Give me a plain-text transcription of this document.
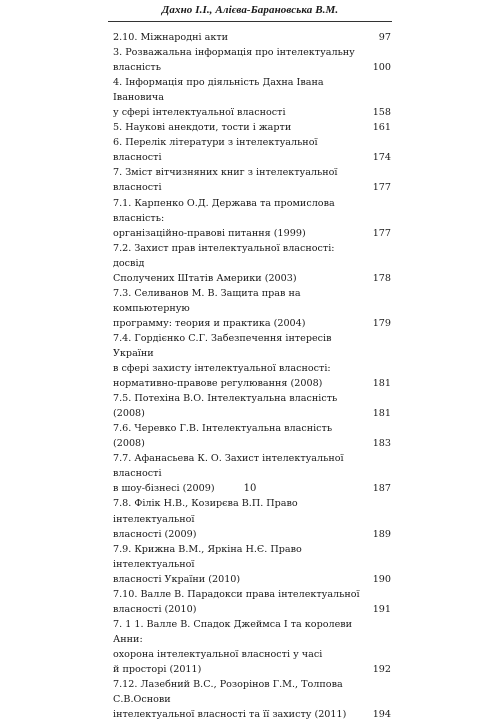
Дахно І.І., Алієва-Барановська В.М.
2.10. Міжнародні акти	97
3. Розважальна інформація про інтелектуальну
власність	100
4. Інформація про діяльність Дахна Івана Івановича
у сфері інтелектуальної власності	158
5. Наукові анекдоти, тости і жарти	161
6. Перелік літератури з інтелектуальної власності	174
7. Зміст вітчизняних книг з інтелектуальної
власності	177
7.1. Карпенко О.Д. Держава та промислова власність:
організаційно-правові питання (1999)	177
7.2. Захист прав інтелектуальної власності: досвід
Сполучених Штатів Америки (2003)	178
7.3. Селиванов М. В. Защита прав на компьютерную
программу: теория и практика (2004)	179
7.4. Гордієнко С.Г. Забезпечення інтересів України
в сфері захисту інтелектуальної власності:
нормативно-правове регулювання (2008)	181
7.5. Потехіна В.О. Інтелектуальна власність
(2008)	181
7.6. Черевко Г.В. Інтелектуальна власність (2008)	183
7.7. Афанасьева К. О. Захист інтелектуальної власності
в шоу-бізнесі (2009)	187
7.8. Філік Н.В., Козирєва В.П. Право інтелектуальної
власності (2009)	189
7.9. Крижна В.М., Яркіна Н.Є. Право інтелектуальної
власності України (2010)	190
7.10. Валле В. Парадокси права інтелектуальної
власності (2010)	191
7. 1 1. Валле В. Спадок Джеймса І та королеви Анни:
охорона інтелектуальної власності у часі
й просторі (2011)	192
7.12. Лазебний В.С., Розорінов Г.М., Толпова С.В.Основи
інтелектуальної власності та її захисту (2011)	194
10
